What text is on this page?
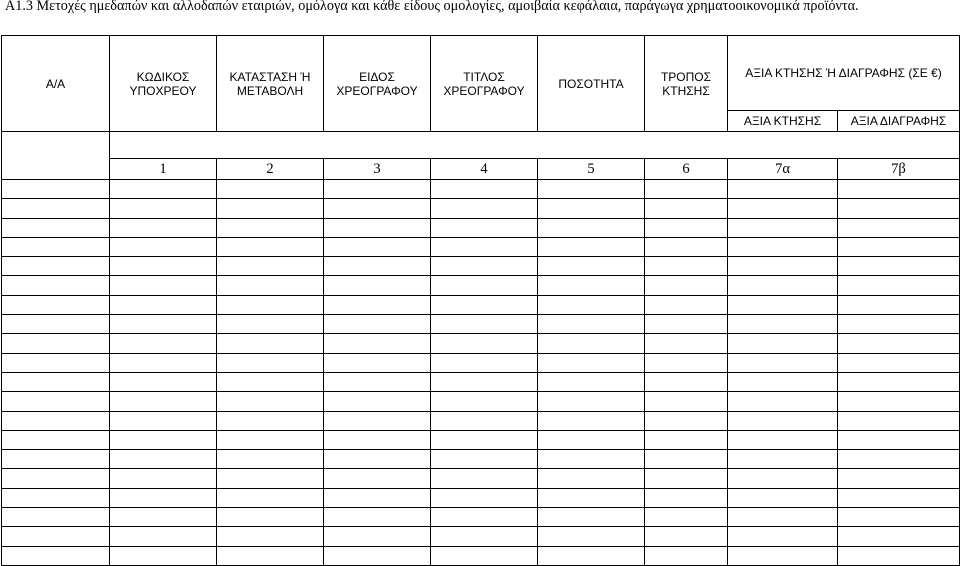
Α1.3 Μετοχές ημεδαπών και αλλοδαπών εταιριών, ομόλογα και κάθε είδους ομολογίες, αμοιβαία κεφάλαια, παράγωγα χρηματοοικονομικά προϊόντα.
Α/Α	ΚΩΔΙΚΟΣ ΥΠΟΧΡΕΟΥ	ΚΑΤΑΣΤΑΣΗ Ή ΜΕΤΑΒΟΛΗ	ΕΙΔΟΣ ΧΡΕΟΓΡΑΦΟΥ	ΤΙΤΛΟΣ ΧΡΕΟΓΡΑΦΟΥ	ΠΟΣΟΤΗΤΑ	ΤΡΟΠΟΣ ΚΤΗΣΗΣ	ΑΞΙΑ ΚΤΗΣΗΣ Ή ΔΙΑΓΡΑΦΗΣ (ΣΕ €)	
							ΑΞΙΑ ΚΤΗΣΗΣ	ΑΞΙΑ ΔΙΑΓΡΑΦΗΣ

	1	2	3	4	5	6	7α	7β
